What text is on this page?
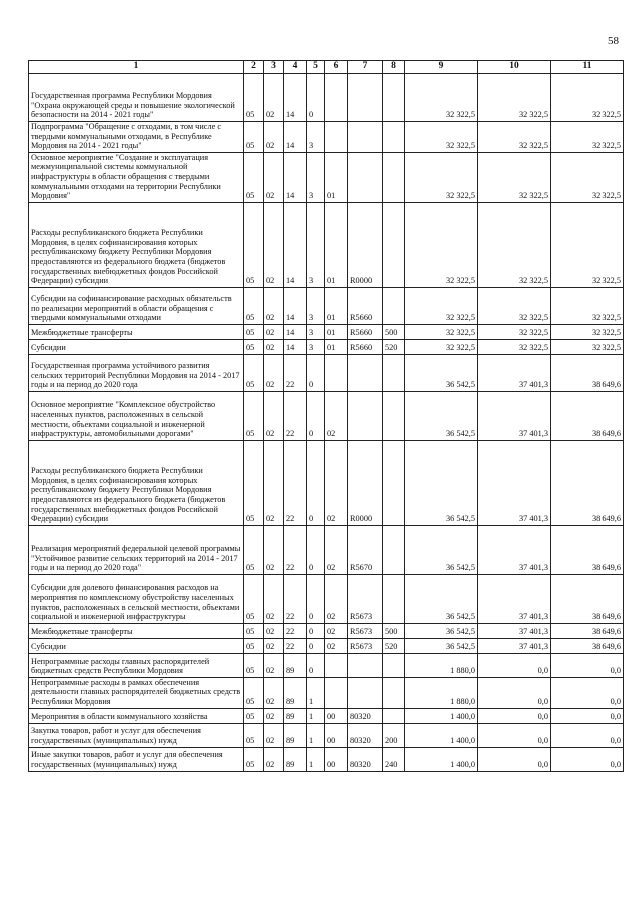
58
1	2	3	4	5	6	7	8	9	10	11
Государственная программа Республики Мордовия "Охрана окружающей среды и повышение экологической безопасности на 2014 - 2021 годы"	05	02	14	0				32 322,5	32 322,5	32 322,5
Подпрограмма "Обращение с отходами, в том числе с твердыми коммунальными отходами, в Республике Мордовия на 2014 - 2021 годы"	05	02	14	3				32 322,5	32 322,5	32 322,5
Основное мероприятие "Создание и эксплуатация межмуниципальной системы коммунальной инфраструктуры в области обращения с твердыми коммунальными отходами на территории Республики Мордовия"	05	02	14	3	01			32 322,5	32 322,5	32 322,5
Расходы республиканского бюджета Республики Мордовия, в целях софинансирования которых республиканскому бюджету Республики Мордовия предоставляются из федерального бюджета (бюджетов государственных внебюджетных фондов Российской Федерации) субсидии	05	02	14	3	01	R0000		32 322,5	32 322,5	32 322,5
Субсидии на софинансирование расходных обязательств по реализации мероприятий в области обращения с твердыми коммунальными отходами	05	02	14	3	01	R5660		32 322,5	32 322,5	32 322,5
Межбюджетные трансферты	05	02	14	3	01	R5660	500	32 322,5	32 322,5	32 322,5
Субсидии	05	02	14	3	01	R5660	520	32 322,5	32 322,5	32 322,5
Государственная программа устойчивого развития сельских территорий Республики Мордовия на 2014 - 2017 годы и на период до 2020 года	05	02	22	0				36 542,5	37 401,3	38 649,6
Основное мероприятие "Комплексное обустройство населенных пунктов, расположенных в сельской местности, объектами социальной и инженерной инфраструктуры, автомобильными дорогами"	05	02	22	0	02			36 542,5	37 401,3	38 649,6
Расходы республиканского бюджета Республики Мордовия, в целях софинансирования которых республиканскому бюджету Республики Мордовия предоставляются из федерального бюджета (бюджетов государственных внебюджетных фондов Российской Федерации) субсидии	05	02	22	0	02	R0000		36 542,5	37 401,3	38 649,6
Реализация мероприятий федеральной целевой программы "Устойчивое развитие сельских территорий на 2014 - 2017 годы и на период до 2020 года"	05	02	22	0	02	R5670		36 542,5	37 401,3	38 649,6
Субсидии для долевого финансирования расходов на мероприятия по комплексному обустройству населенных пунктов, расположенных в сельской местности, объектами социальной и инженерной инфраструктуры	05	02	22	0	02	R5673		36 542,5	37 401,3	38 649,6
Межбюджетные трансферты	05	02	22	0	02	R5673	500	36 542,5	37 401,3	38 649,6
Субсидии	05	02	22	0	02	R5673	520	36 542,5	37 401,3	38 649,6
Непрограммные расходы главных распорядителей бюджетных средств Республики Мордовия	05	02	89	0				1 880,0	0,0	0,0
Непрограммные расходы в рамках обеспечения деятельности главных распорядителей бюджетных средств Республики Мордовия	05	02	89	1				1 880,0	0,0	0,0
Мероприятия в области коммунального хозяйства	05	02	89	1	00	80320		1 400,0	0,0	0,0
Закупка товаров, работ и услуг для обеспечения государственных (муниципальных) нужд	05	02	89	1	00	80320	200	1 400,0	0,0	0,0
Иные закупки товаров, работ и услуг для обеспечения государственных (муниципальных) нужд	05	02	89	1	00	80320	240	1 400,0	0,0	0,0
